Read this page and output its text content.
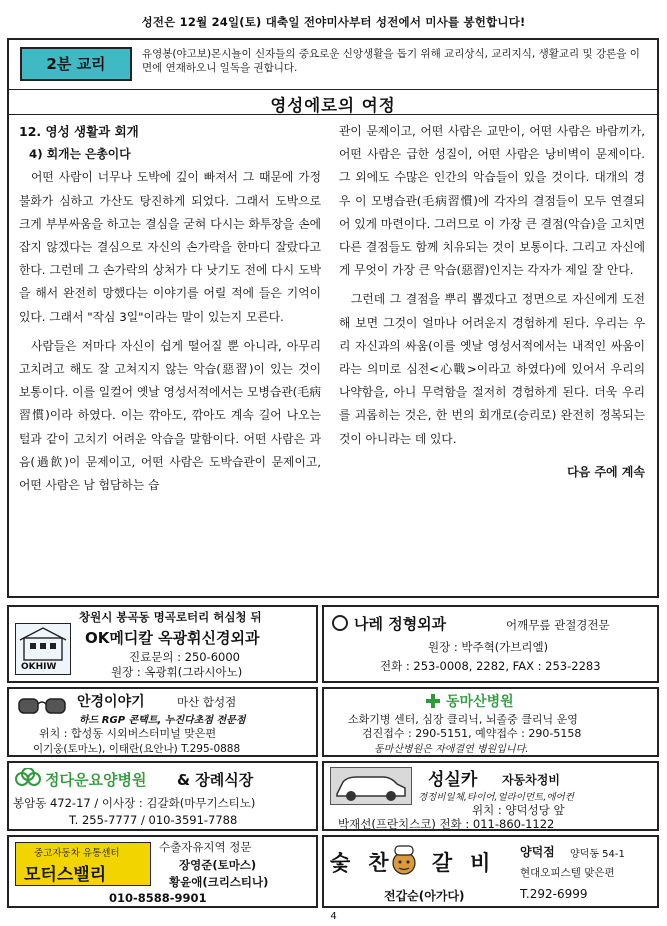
성전은 12월 24일(토) 대축일 전야미사부터 성전에서 미사를 봉헌합니다!
2분 교리
유영봉(야고보)몬시뇰이 신자들의 중요로운 신앙생활을 돕기 위해 교리상식, 교리지식, 생활교리 및 강론을 이 면에 연재하오니 일독을 권합니다.
영성에로의 여정
12. 영성 생활과 회개
4) 회개는 은총이다

어떤 사람이 너무나 도박에 깊이 빠져서 그 때문에 가정불화가 심하고 가산도 탕진하게 되었다. 그래서 도박으로 크게 부부싸움을 하고는 결심을 굳혀 다시는 화투장을 손에 잡지 않겠다는 결심으로 자신의 손가락을 한마디 잘랐다고 한다. 그런데 그 손가락의 상처가 다 낫기도 전에 다시 도박을 해서 완전히 망했다는 이야기를 어릴 적에 들은 기억이 있다. 그래서 "작심 3일"이라는 말이 있는지 모른다.

사람들은 저마다 자신이 쉽게 떨어질 뿐 아니라, 아무리 고치려고 해도 잘 고쳐지지 않는 악습(惡習)이 있는 것이 보통이다. 이를 일컬어 옛날 영성서적에서는 모병습관(毛病習慣)이라 하였다. 이는 깎아도, 깎아도 계속 길어 나오는 털과 같이 고치기 어려운 악습을 말함이다. 어떤 사람은 과음(過飮)이 문제이고, 어떤 사람은 도박습관이 문제이고, 어떤 사람은 남 험담하는 습

관이 문제이고, 어떤 사람은 교만이, 어떤 사람은 바람끼가, 어떤 사람은 급한 성질이, 어떤 사람은 낭비벽이 문제이다. 그 외에도 수많은 인간의 악습들이 있을 것이다. 대개의 경우 이 모병습관(毛病習慣)에 각자의 결점들이 모두 연결되어 있게 마련이다. 그러므로 이 가장 큰 결점(악습)을 고치면 다른 결점들도 함께 치유되는 것이 보통이다. 그리고 자신에게 무엇이 가장 큰 악습(惡習)인지는 각자가 제일 잘 안다.

그런데 그 결점을 뿌리 뽑겠다고 정면으로 자신에게 도전해 보면 그것이 얼마나 어려운지 경험하게 된다. 우리는 우리 자신과의 싸움(이를 옛날 영성서적에서는 내적인 싸움이라는 의미로 심전<心戰>이라고 하였다)에 있어서 우리의 나약함을, 아니 무력함을 절저히 경험하게 된다. 더욱 우리를 괴롭히는 것은, 한 번의 회개로(승리로) 완전히 정복되는 것이 아니라는 데 있다.

다음 주에 계속
창원시 봉곡동 명곡로터리 허심청 뒤
OKHIW
OK메디칼 옥광휘신경외과
진료문의 : 250-6000
원장 : 옥광휘(그라시아노)
나레 정형외과	어깨무릎 관절경전문
원장 : 박주혁(가브리엘)
전화 : 253-0008, 2282, FAX : 253-2283
안경이야기	마산 합성점
하드 RGP 콘택트, 누진다초점 전문점
위치 : 합성동 시외버스터미널 맞은편
이기웅(토마노), 이태란(요안나) T.295-0888
동마산병원
소화기병 센터, 심장 클리닉, 뇌졸중 클리닉 운영
검진접수 : 290-5151, 예약접수 : 290-5158
동마산병원은 자애결연 병원입니다.
정다운요양병원 & 장례식장
봉암동 472-17 / 이사장 : 김갈화(마무기스티노)
T. 255-7777 / 010-3591-7788
성실카 자동차정비
경정비일체,타이어,얼라이먼트,에어컨
위치 : 양덕성당 앞
박재선(프란치스코) 전화 : 011-860-1122
중고자동차 유통센터
모터스밸리
수출자유지역 정문
장영준(토마스)
황윤애(크리스티나)
010-8588-9901
숯찬 갈비 양덕점 양덕동 54-1
현대오피스텔 맞은편
전갑순(아가다)	T.292-6999
4
